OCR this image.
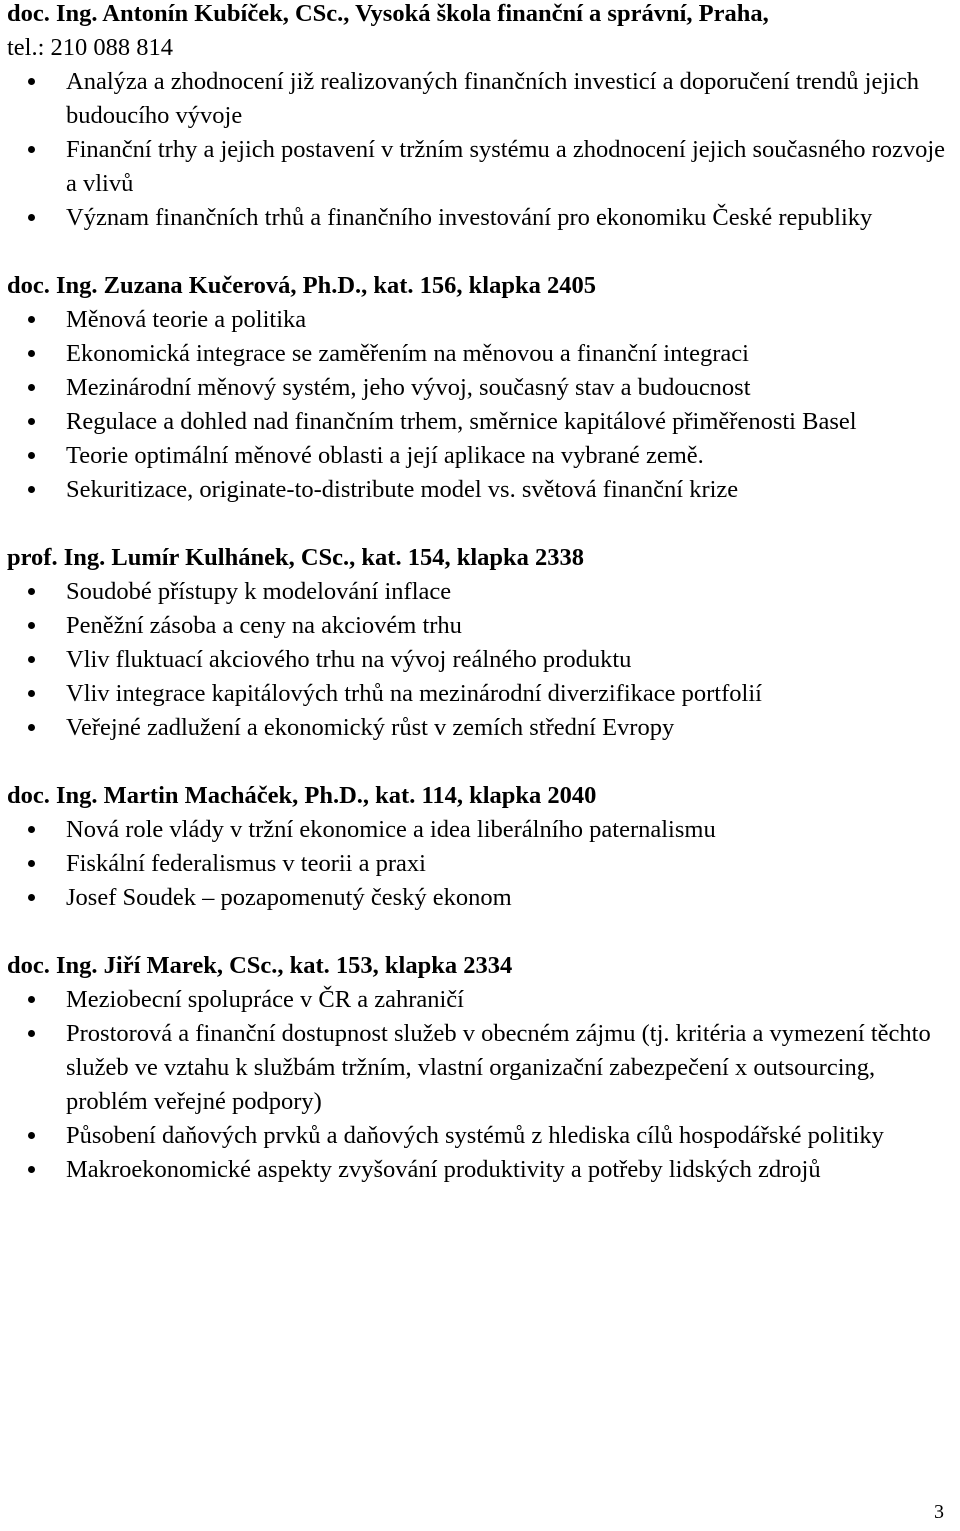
doc. Ing. Antonín Kubíček, CSc., Vysoká škola finanční a správní, Praha,
tel.: 210 088 814

Analýza a zhodnocení již realizovaných finančních investicí a doporučení trendů jejich budoucího vývoje
Finanční trhy a jejich postavení v tržním systému a zhodnocení jejich současného rozvoje a vlivů
Význam finančních trhů a finančního investování pro ekonomiku České republiky

doc. Ing. Zuzana Kučerová, Ph.D., kat. 156, klapka 2405

Měnová teorie a politika
Ekonomická integrace se zaměřením na měnovou a finanční integraci
Mezinárodní měnový systém, jeho vývoj, současný stav a budoucnost
Regulace a dohled nad finančním trhem, směrnice kapitálové přiměřenosti Basel
Teorie optimální měnové oblasti a její aplikace na vybrané země.
Sekuritizace, originate-to-distribute model vs. světová finanční krize

prof. Ing. Lumír Kulhánek, CSc., kat. 154, klapka 2338

Soudobé přístupy k modelování inflace
Peněžní zásoba a ceny na akciovém trhu
Vliv fluktuací akciového trhu na vývoj reálného produktu
Vliv integrace kapitálových trhů na mezinárodní diverzifikace portfolií
Veřejné zadlužení a ekonomický růst v zemích střední Evropy

doc. Ing. Martin Macháček, Ph.D., kat. 114, klapka 2040

Nová role vlády v tržní ekonomice a idea liberálního paternalismu
Fiskální federalismus v teorii a praxi
Josef Soudek – pozapomenutý český ekonom

doc. Ing. Jiří Marek, CSc., kat. 153, klapka 2334

Meziobecní spolupráce v ČR a zahraničí
Prostorová a finanční dostupnost služeb v obecném zájmu (tj. kritéria a vymezení těchto služeb ve vztahu k službám tržním, vlastní organizační zabezpečení x outsourcing, problém veřejné podpory)
Působení daňových prvků a daňových systémů z hlediska cílů hospodářské politiky
Makroekonomické aspekty zvyšování produktivity a potřeby lidských zdrojů
3
